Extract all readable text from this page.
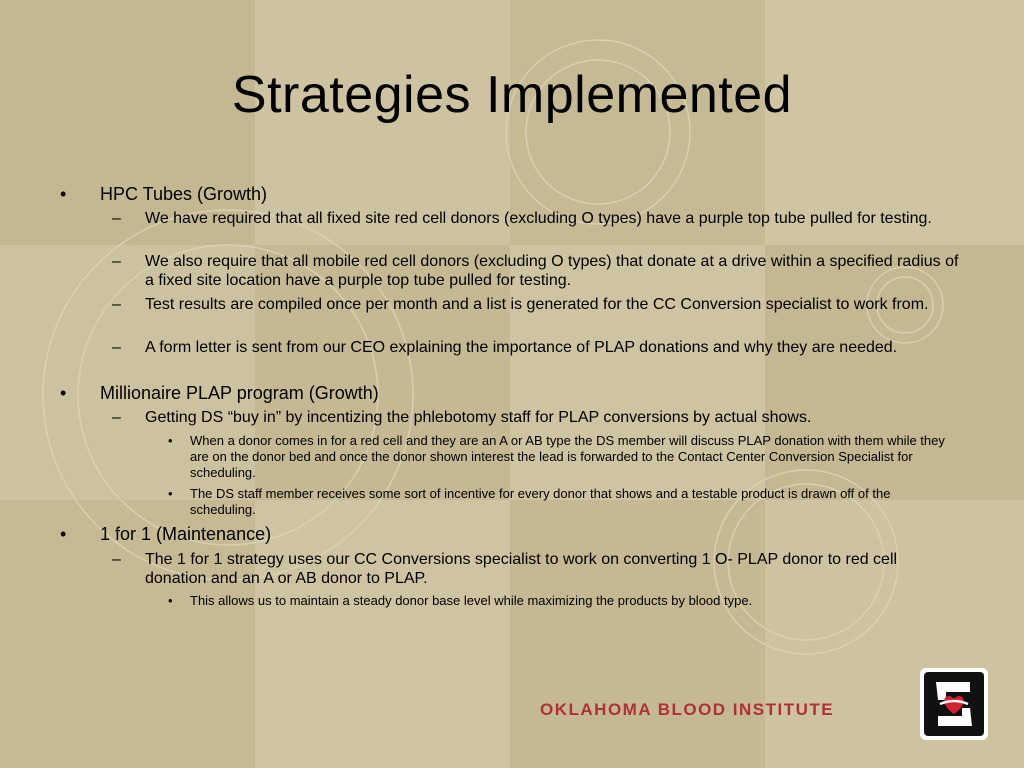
Strategies Implemented
• HPC Tubes (Growth)
– We have required that all fixed site red cell donors (excluding O types) have a purple top tube pulled for testing.
– We also require that all mobile red cell donors (excluding O types) that donate at a drive within a specified radius of a fixed site location have a purple top tube pulled for testing.
– Test results are compiled once per month and a list is generated for the CC Conversion specialist to work from.
– A form letter is sent from our CEO explaining the importance of PLAP donations and why they are needed.
• Millionaire PLAP program (Growth)
– Getting DS “buy in” by incentizing the phlebotomy staff for PLAP conversions by actual shows.
• When a donor comes in for a red cell and they are an A or AB type the DS member will discuss PLAP donation with them while they are on the donor bed and once the donor shown interest the lead is forwarded to the Contact Center Conversion Specialist for scheduling.
• The DS staff member receives some sort of incentive for every donor that shows and a testable product is drawn off of the scheduling.
• 1 for 1 (Maintenance)
– The 1 for 1 strategy uses our CC Conversions specialist to work on converting 1 O- PLAP donor to red cell donation and an A or AB donor to PLAP.
• This allows us to maintain a steady donor base level while maximizing the products by blood type.
OKLAHOMA BLOOD INSTITUTE
